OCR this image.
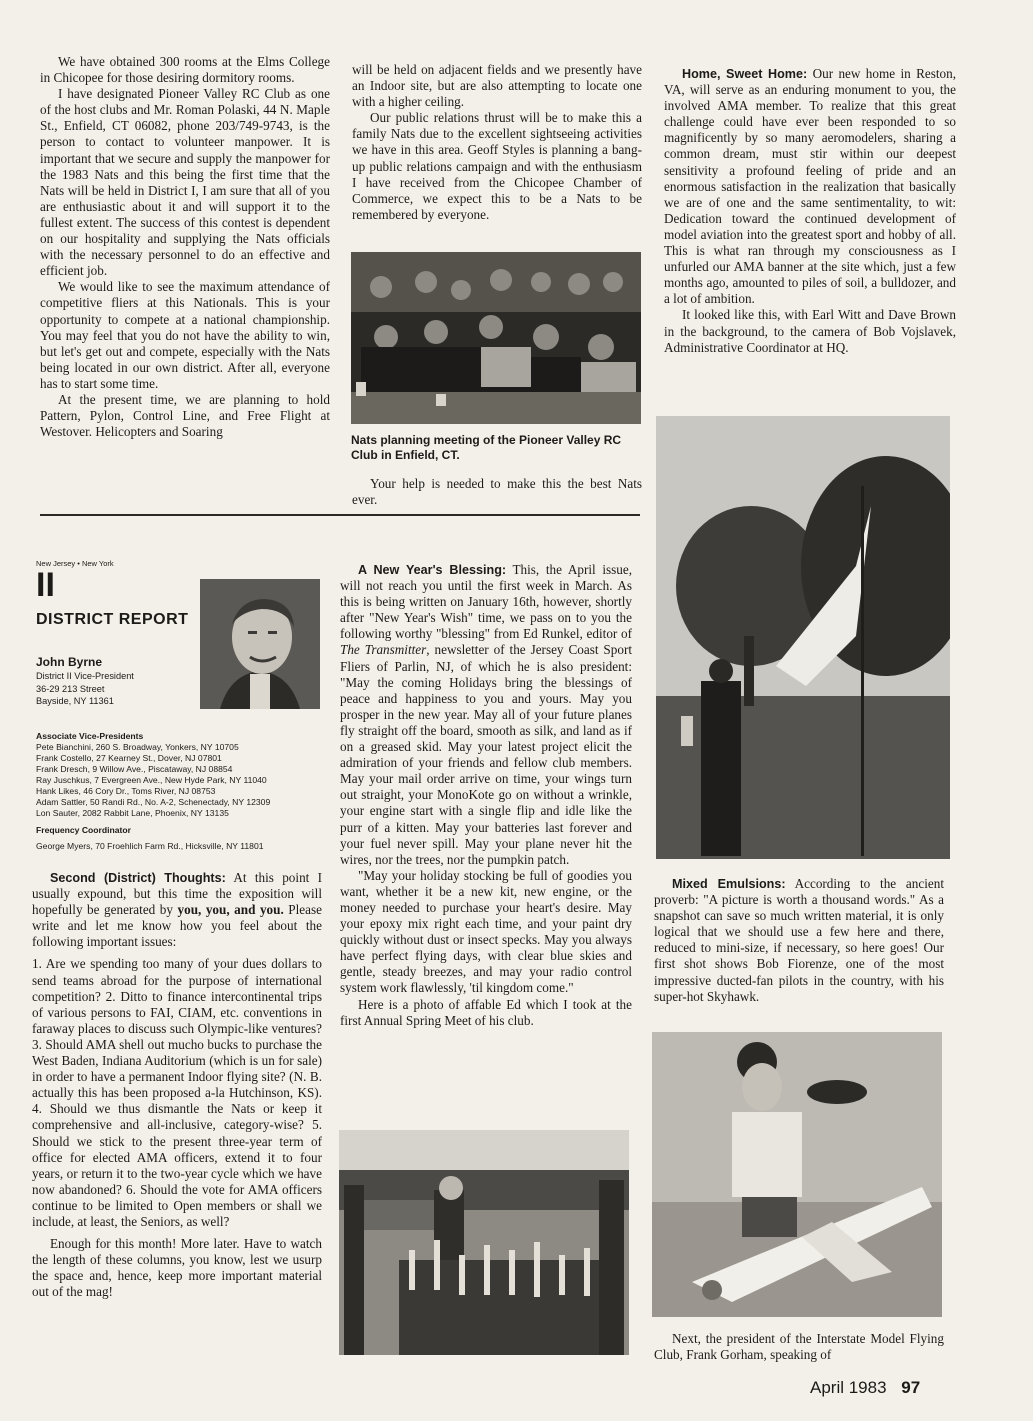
We have obtained 300 rooms at the Elms College in Chicopee for those desiring dormitory rooms.

I have designated Pioneer Valley RC Club as one of the host clubs and Mr. Roman Polaski, 44 N. Maple St., Enfield, CT 06082, phone 203/749-9743, is the person to contact to volunteer manpower. It is important that we secure and supply the manpower for the 1983 Nats and this being the first time that the Nats will be held in District I, I am sure that all of you are enthusiastic about it and will support it to the fullest extent. The success of this contest is dependent on our hospitality and supplying the Nats officials with the necessary personnel to do an effective and efficient job.

We would like to see the maximum attendance of competitive fliers at this Nationals. This is your opportunity to compete at a national championship. You may feel that you do not have the ability to win, but let's get out and compete, especially with the Nats being located in our own district. After all, everyone has to start some time.

At the present time, we are planning to hold Pattern, Pylon, Control Line, and Free Flight at Westover. Helicopters and Soaring

will be held on adjacent fields and we presently have an Indoor site, but are also attempting to locate one with a higher ceiling.

Our public relations thrust will be to make this a family Nats due to the excellent sightseeing activities we have in this area. Geoff Styles is planning a bang-up public relations campaign and with the enthusiasm I have received from the Chicopee Chamber of Commerce, we expect this to be a Nats to be remembered by everyone.

Nats planning meeting of the Pioneer Valley RC Club in Enfield, CT.

Your help is needed to make this the best Nats ever.

Home, Sweet Home: Our new home in Reston, VA, will serve as an enduring monument to you, the involved AMA member. To realize that this great challenge could have ever been responded to so magnificently by so many aeromodelers, sharing a common dream, must stir within our deepest sensitivity a profound feeling of pride and an enormous satisfaction in the realization that basically we are of one and the same sentimentality, to wit: Dedication toward the continued development of model aviation into the greatest sport and hobby of all. This is what ran through my consciousness as I unfurled our AMA banner at the site which, just a few months ago, amounted to piles of soil, a bulldozer, and a lot of ambition.

It looked like this, with Earl Witt and Dave Brown in the background, to the camera of Bob Vojslavek, Administrative Coordinator at HQ.

New Jersey • New York
II
DISTRICT REPORT
John Byrne
District II Vice-President
36-29 213 Street
Bayside, NY 11361
Associate Vice-Presidents
Pete Bianchini, 260 S. Broadway, Yonkers, NY 10705
Frank Costello, 27 Kearney St., Dover, NJ 07801
Frank Dresch, 9 Willow Ave., Piscataway, NJ 08854
Ray Juschkus, 7 Evergreen Ave., New Hyde Park, NY 11040
Hank Likes, 46 Cory Dr., Toms River, NJ 08753
Adam Sattler, 50 Randi Rd., No. A-2, Schenectady, NY 12309
Lon Sauter, 2082 Rabbit Lane, Phoenix, NY 13135
Frequency Coordinator
George Myers, 70 Froehlich Farm Rd., Hicksville, NY 11801

Second (District) Thoughts: At this point I usually expound, but this time the exposition will hopefully be generated by you, you, and you. Please write and let me know how you feel about the following important issues:

1. Are we spending too many of your dues dollars to send teams abroad for the purpose of international competition? 2. Ditto to finance intercontinental trips of various persons to FAI, CIAM, etc. conventions in faraway places to discuss such Olympic-like ventures? 3. Should AMA shell out mucho bucks to purchase the West Baden, Indiana Auditorium (which is un for sale) in order to have a permanent Indoor flying site? (N. B. actually this has been proposed a-la Hutchinson, KS). 4. Should we thus dismantle the Nats or keep it comprehensive and all-inclusive, category-wise? 5. Should we stick to the present three-year term of office for elected AMA officers, extend it to four years, or return it to the two-year cycle which we have now abandoned? 6. Should the vote for AMA officers continue to be limited to Open members or shall we include, at least, the Seniors, as well?

Enough for this month! More later. Have to watch the length of these columns, you know, lest we usurp the space and, hence, keep more important material out of the mag!

A New Year's Blessing: This, the April issue, will not reach you until the first week in March. As this is being written on January 16th, however, shortly after "New Year's Wish" time, we pass on to you the following worthy "blessing" from Ed Runkel, editor of The Transmitter, newsletter of the Jersey Coast Sport Fliers of Parlin, NJ, of which he is also president: "May the coming Holidays bring the blessings of peace and happiness to you and yours. May you prosper in the new year. May all of your future planes fly straight off the board, smooth as silk, and land as if on a greased skid. May your latest project elicit the admiration of your friends and fellow club members. May your mail order arrive on time, your wings turn out straight, your MonoKote go on without a wrinkle, your engine start with a single flip and idle like the purr of a kitten. May your batteries last forever and your fuel never spill. May your plane never hit the wires, nor the trees, nor the pumpkin patch.

"May your holiday stocking be full of goodies you want, whether it be a new kit, new engine, or the money needed to purchase your heart's desire. May your epoxy mix right each time, and your paint dry quickly without dust or insect specks. May you always have perfect flying days, with clear blue skies and gentle, steady breezes, and may your radio control system work flawlessly, 'til kingdom come."

Here is a photo of affable Ed which I took at the first Annual Spring Meet of his club.

Mixed Emulsions: According to the ancient proverb: "A picture is worth a thousand words." As a snapshot can save so much written material, it is only logical that we should use a few here and there, reduced to mini-size, if necessary, so here goes! Our first shot shows Bob Fiorenze, one of the most impressive ducted-fan pilots in the country, with his super-hot Skyhawk.

Next, the president of the Interstate Model Flying Club, Frank Gorham, speaking of

April 1983 97
